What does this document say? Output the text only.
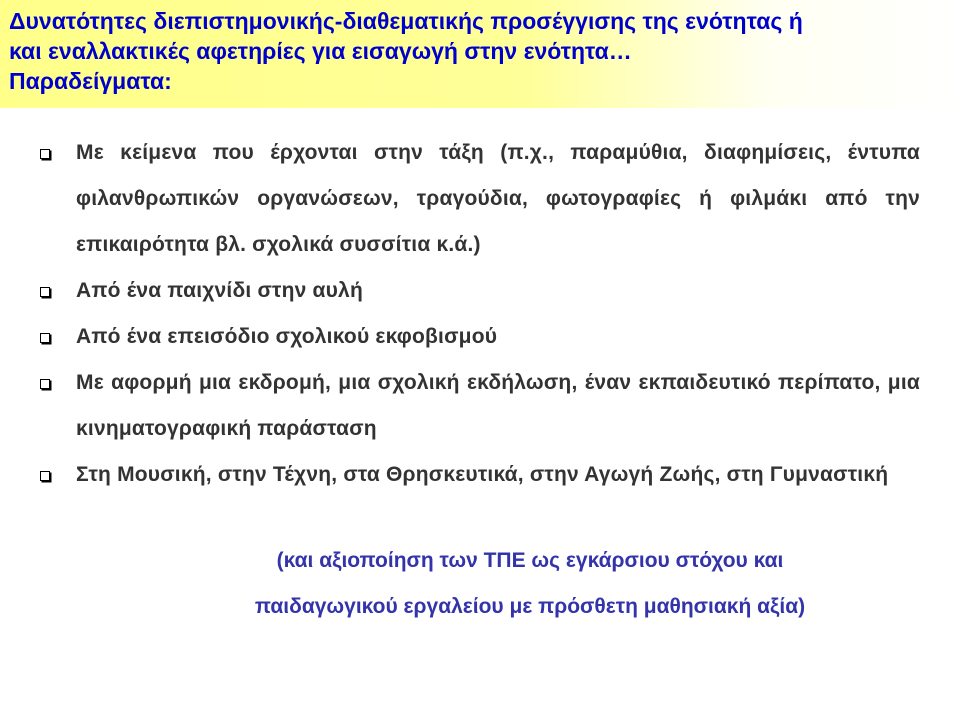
Δυνατότητες διεπιστημονικής-διαθεματικής προσέγγισης της ενότητας ή
και εναλλακτικές αφετηρίες για εισαγωγή στην ενότητα…
Παραδείγματα:

Με κείμενα που έρχονται στην τάξη (π.χ., παραμύθια, διαφημίσεις, έντυπα φιλανθρωπικών οργανώσεων, τραγούδια, φωτογραφίες ή φιλμάκι από την επικαιρότητα βλ. σχολικά συσσίτια κ.ά.)
Από ένα παιχνίδι στην αυλή
Από ένα επεισόδιο σχολικού εκφοβισμού
Με αφορμή μια εκδρομή, μια σχολική εκδήλωση, έναν εκπαιδευτικό περίπατο, μια κινηματογραφική παράσταση
Στη Μουσική, στην Τέχνη, στα Θρησκευτικά, στην Αγωγή Ζωής, στη Γυμναστική
(και αξιοποίηση των ΤΠΕ ως εγκάρσιου στόχου και
παιδαγωγικού εργαλείου με πρόσθετη μαθησιακή αξία)
